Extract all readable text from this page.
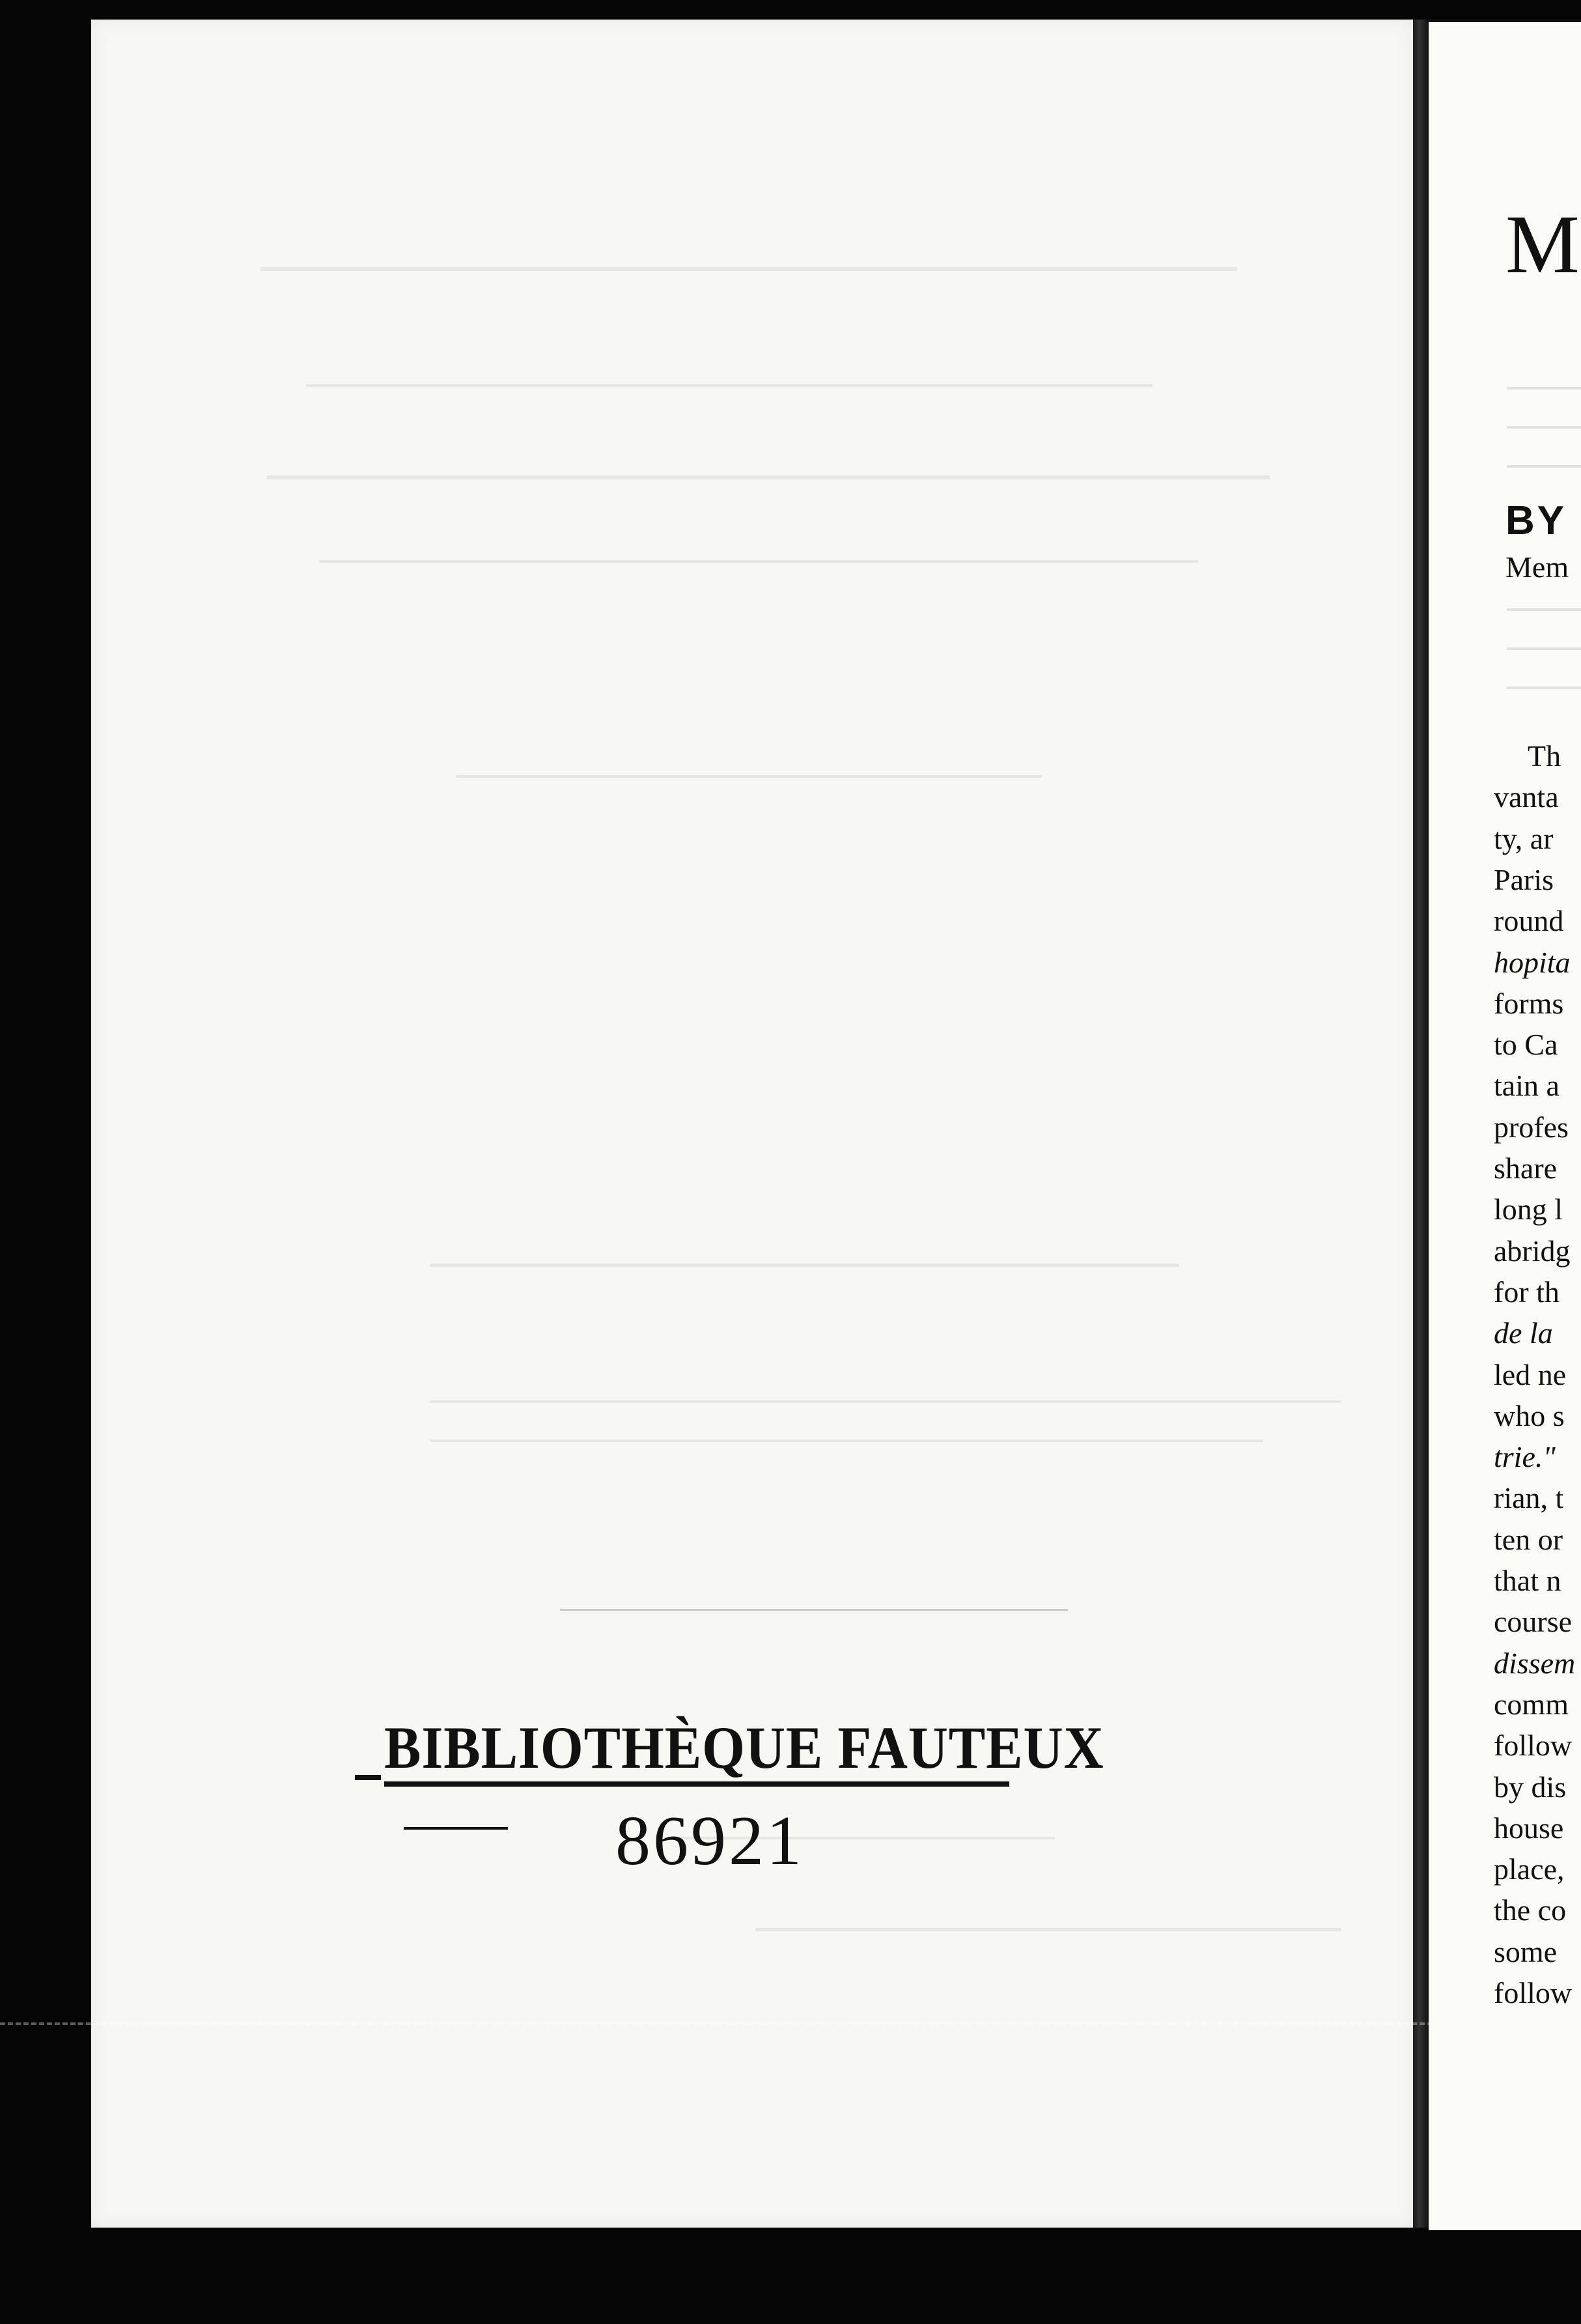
BIBLIOTHÈQUE FAUTEUX
86921
M
BY
Mem
Th
vanta
ty, ar
Paris
round
hopita
forms
to Ca
tain a
profes
share
long l
abridg
for th
de la
led ne
who s
trie."
rian, t
ten or
that n
course
dissem
comm
follow
by dis
house
place,
the co
some
follow
